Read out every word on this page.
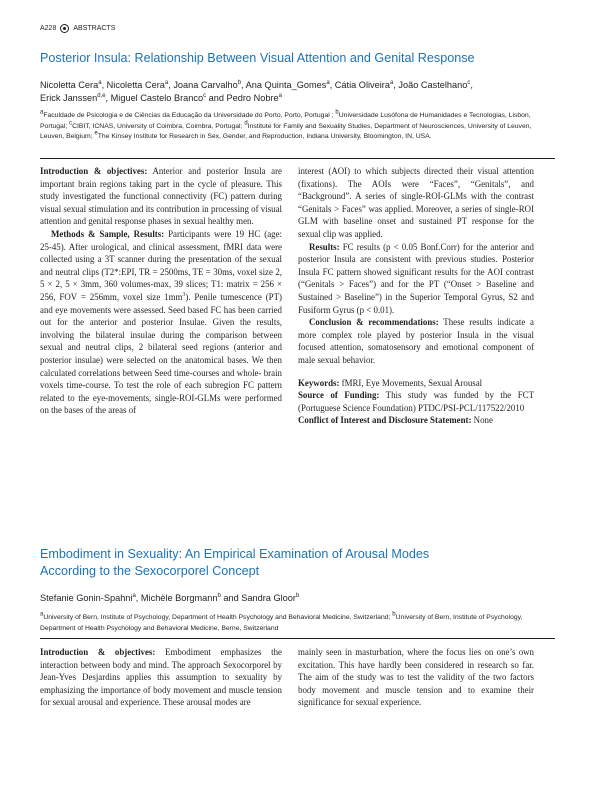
A228 ABSTRACTS
Posterior Insula: Relationship Between Visual Attention and Genital Response
Nicoletta Cera$^a$, Nicoletta Cera$^a$, Joana Carvalho$^b$, Ana Quinta_Gomes$^a$, Cátia Oliveira$^a$, João Castelhano$^c$,
Erick Janssen$^{d,e}$, Miguel Castelo Branco$^c$ and Pedro Nobre$^a$
$^a$Faculdade de Psicologia e de Ciências da Educação da Universidade do Porto, Porto, Portugal ; $^b$Universidade Lusófona de Humanidades e Tecnologias, Lisbon, Portugal; $^c$CIBIT, ICNAS, University of Coimbra, Coimbra, Portugal; $^d$Institute for Family and Sexuality Studies, Department of Neurosciences, University of Leuven, Leuven, Belgium; $^e$The Kinsey Institute for Research in Sex, Gender, and Reproduction, Indiana University, Bloomington, IN, USA.

Introduction & objectives: Anterior and posterior Insula are important brain regions taking part in the cycle of pleasure. This study investigated the functional connectivity (FC) pattern during visual sexual stimulation and its contribution in processing of visual attention and genital response phases in sexual healthy men.

Methods & Sample, Results: Participants were 19 HC (age: 25-45). After urological, and clinical assessment, fMRI data were collected using a 3T scanner during the presentation of the sexual and neutral clips (T2*:EPI, TR = 2500ms, TE = 30ms, voxel size 2, 5 × 2, 5 × 3mm, 360 volumes-max, 39 slices; T1: matrix = 256 × 256, FOV = 256mm, voxel size $1mm^3$). Penile tumescence (PT) and eye movements were assessed. Seed based FC has been carried out for the anterior and posterior Insulae. Given the results, involving the bilateral insulae during the comparison between sexual and neutral clips, 2 bilateral seed regions (anterior and posterior insulae) were selected on the anatomical bases. We then calculated correlations between Seed time-courses and whole- brain voxels time-course. To test the role of each subregion FC pattern related to the eye-movements, single-ROI-GLMs were performed on the bases of the areas of

interest (AOI) to which subjects directed their visual attention (fixations). The AOIs were “Faces”, “Genitals”, and “Background”. A series of single-ROI-GLMs with the contrast “Genitals > Faces” was applied. Moreover, a series of single-ROI GLM with baseline onset and sustained PT response for the sexual clip was applied.

Results: FC results (p < 0.05 Bonf.Corr) for the anterior and posterior Insula are consistent with previous studies. Posterior Insula FC pattern showed significant results for the AOI contrast (“Genitals > Faces”) and for the PT (“Onset > Baseline and Sustained > Baseline”) in the Superior Temporal Gyrus, S2 and Fusiform Gyrus (p < 0.01).

Conclusion & recommendations: These results indicate a more complex role played by posterior Insula in the visual focused attention, somatosensory and emotional component of male sexual behavior.

Keywords: fMRI, Eye Movements, Sexual Arousal

Source of Funding: This study was funded by the FCT (Portuguese Science Foundation) PTDC/PSI-PCL/117522/2010

Conflict of Interest and Disclosure Statement: None

Embodiment in Sexuality: An Empirical Examination of Arousal Modes
According to the Sexocorporel Concept
Stefanie Gonin-Spahni$^a$, Michèle Borgmann$^b$ and Sandra Gloor$^b$
$^a$University of Bern, Institute of Psychology, Department of Health Psychology and Behavioral Medicine, Switzerland; $^b$University of Bern, Institute of Psychology, Department of Health Psychology and Behavioral Medicine, Berne, Switzerland

Introduction & objectives: Embodiment emphasizes the interaction between body and mind. The approach Sexocorporel by Jean-Yves Desjardins applies this assumption to sexuality by emphasizing the importance of body movement and muscle tension for sexual arousal and experience. These arousal modes are

mainly seen in masturbation, where the focus lies on one’s own excitation. This have hardly been considered in research so far. The aim of the study was to test the validity of the two factors body movement and muscle tension and to examine their significance for sexual experience.
